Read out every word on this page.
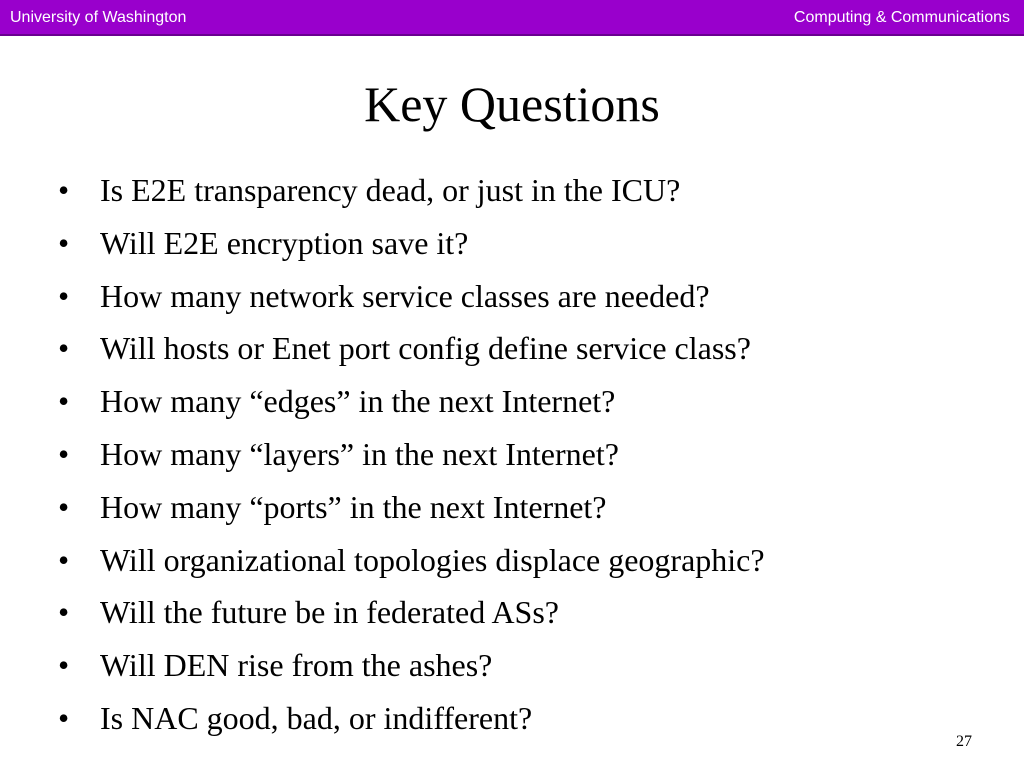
University of Washington	Computing & Communications
Key Questions
• Is E2E transparency dead, or just in the ICU?
• Will E2E encryption save it?
• How many network service classes are needed?
• Will hosts or Enet port config define service class?
• How many “edges” in the next Internet?
• How many “layers” in the next Internet?
• How many “ports” in the next Internet?
• Will organizational topologies displace geographic?
• Will the future be in federated ASs?
• Will DEN rise from the ashes?
• Is NAC good, bad, or indifferent?
27
